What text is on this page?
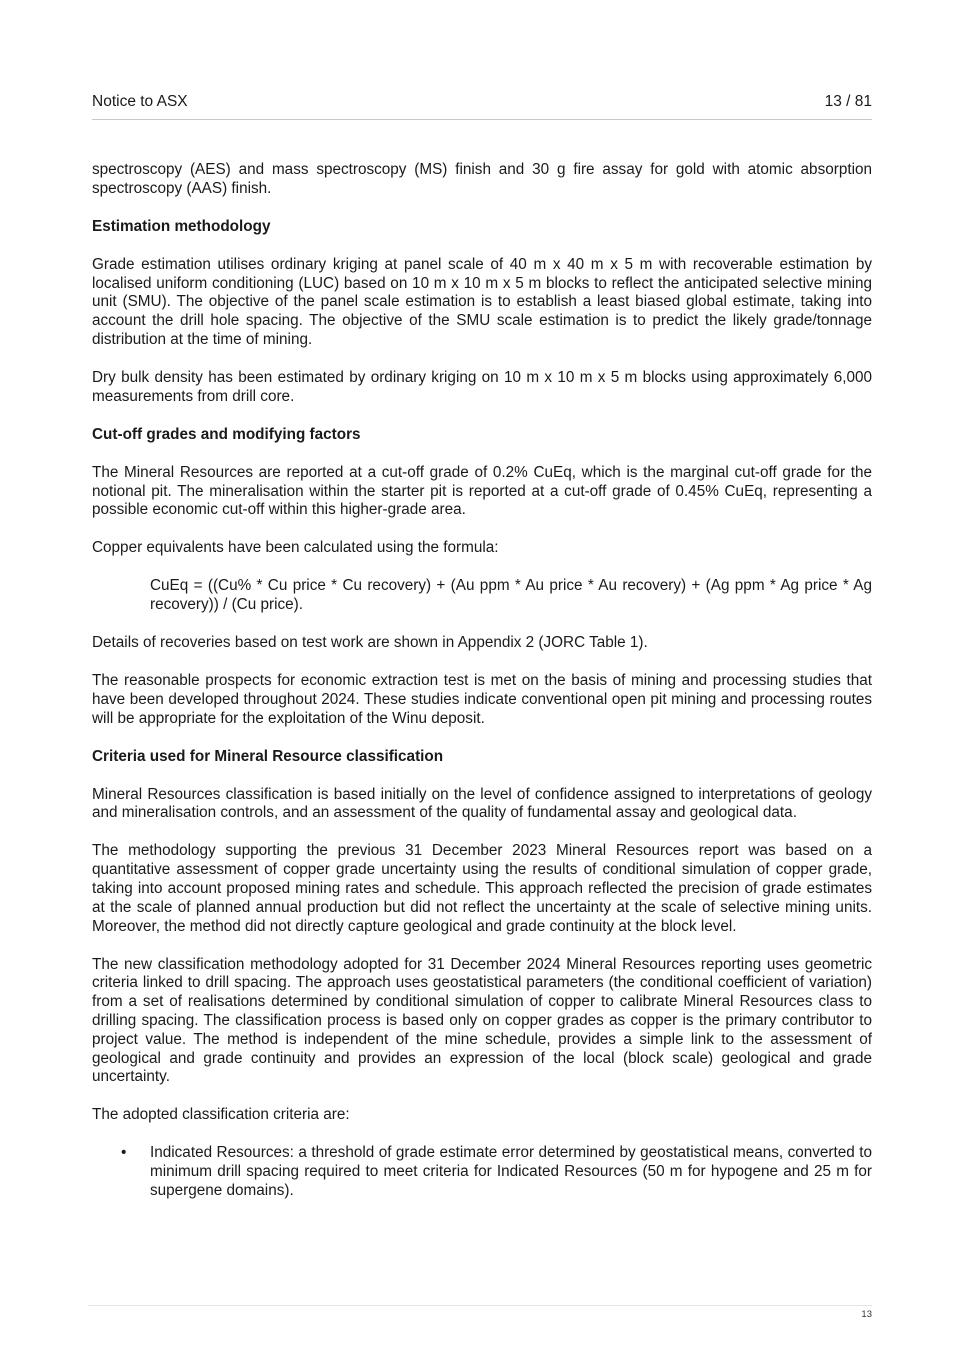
Notice to ASX	13 / 81

spectroscopy (AES) and mass spectroscopy (MS) finish and 30 g fire assay for gold with atomic absorption spectroscopy (AAS) finish.

Estimation methodology

Grade estimation utilises ordinary kriging at panel scale of 40 m x 40 m x 5 m with recoverable estimation by localised uniform conditioning (LUC) based on 10 m x 10 m x 5 m blocks to reflect the anticipated selective mining unit (SMU). The objective of the panel scale estimation is to establish a least biased global estimate, taking into account the drill hole spacing. The objective of the SMU scale estimation is to predict the likely grade/tonnage distribution at the time of mining.

Dry bulk density has been estimated by ordinary kriging on 10 m x 10 m x 5 m blocks using approximately 6,000 measurements from drill core.

Cut-off grades and modifying factors

The Mineral Resources are reported at a cut-off grade of 0.2% CuEq, which is the marginal cut-off grade for the notional pit. The mineralisation within the starter pit is reported at a cut-off grade of 0.45% CuEq, representing a possible economic cut-off within this higher-grade area.

Copper equivalents have been calculated using the formula:

CuEq = ((Cu% * Cu price * Cu recovery) + (Au ppm * Au price * Au recovery) + (Ag ppm * Ag price * Ag recovery)) / (Cu price).

Details of recoveries based on test work are shown in Appendix 2 (JORC Table 1).

The reasonable prospects for economic extraction test is met on the basis of mining and processing studies that have been developed throughout 2024. These studies indicate conventional open pit mining and processing routes will be appropriate for the exploitation of the Winu deposit.

Criteria used for Mineral Resource classification

Mineral Resources classification is based initially on the level of confidence assigned to interpretations of geology and mineralisation controls, and an assessment of the quality of fundamental assay and geological data.

The methodology supporting the previous 31 December 2023 Mineral Resources report was based on a quantitative assessment of copper grade uncertainty using the results of conditional simulation of copper grade, taking into account proposed mining rates and schedule. This approach reflected the precision of grade estimates at the scale of planned annual production but did not reflect the uncertainty at the scale of selective mining units. Moreover, the method did not directly capture geological and grade continuity at the block level.

The new classification methodology adopted for 31 December 2024 Mineral Resources reporting uses geometric criteria linked to drill spacing. The approach uses geostatistical parameters (the conditional coefficient of variation) from a set of realisations determined by conditional simulation of copper to calibrate Mineral Resources class to drilling spacing. The classification process is based only on copper grades as copper is the primary contributor to project value. The method is independent of the mine schedule, provides a simple link to the assessment of geological and grade continuity and provides an expression of the local (block scale) geological and grade uncertainty.

The adopted classification criteria are:

• Indicated Resources: a threshold of grade estimate error determined by geostatistical means, converted to minimum drill spacing required to meet criteria for Indicated Resources (50 m for hypogene and 25 m for supergene domains).
13
